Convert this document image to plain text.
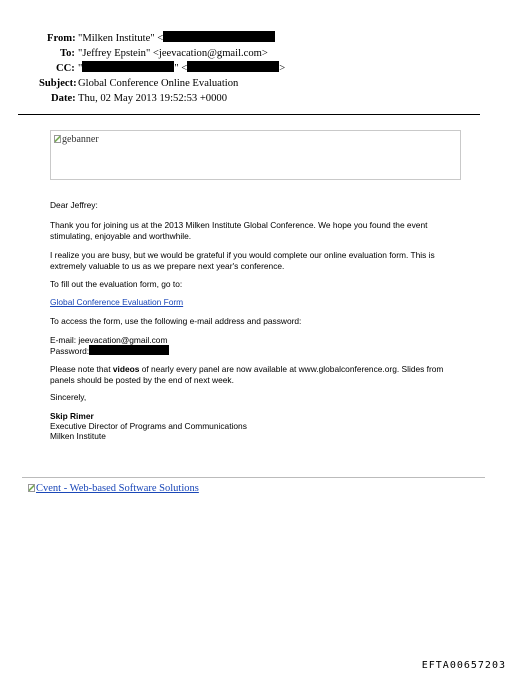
From: "Milken Institute" <
To: "Jeffrey Epstein" <jeevacation@gmail.com>
CC: "	" <	>
Subject: Global Conference Online Evaluation
Date: Thu, 02 May 2013 19:52:53 +0000
gebanner
Dear Jeffrey:
Thank you for joining us at the 2013 Milken Institute Global Conference. We hope you found the event stimulating, enjoyable and worthwhile.
I realize you are busy, but we would be grateful if you would complete our online evaluation form. This is extremely valuable to us as we prepare next year's conference.
To fill out the evaluation form, go to:
Global Conference Evaluation Form
To access the form, use the following e-mail address and password:
E-mail: jeevacation@gmail.com
Password:
Please note that videos of nearly every panel are now available at www.globalconference.org. Slides from panels should be posted by the end of next week.
Sincerely,
Skip Rimer
Executive Director of Programs and Communications
Milken Institute
Cvent - Web-based Software Solutions
EFTA00657203
